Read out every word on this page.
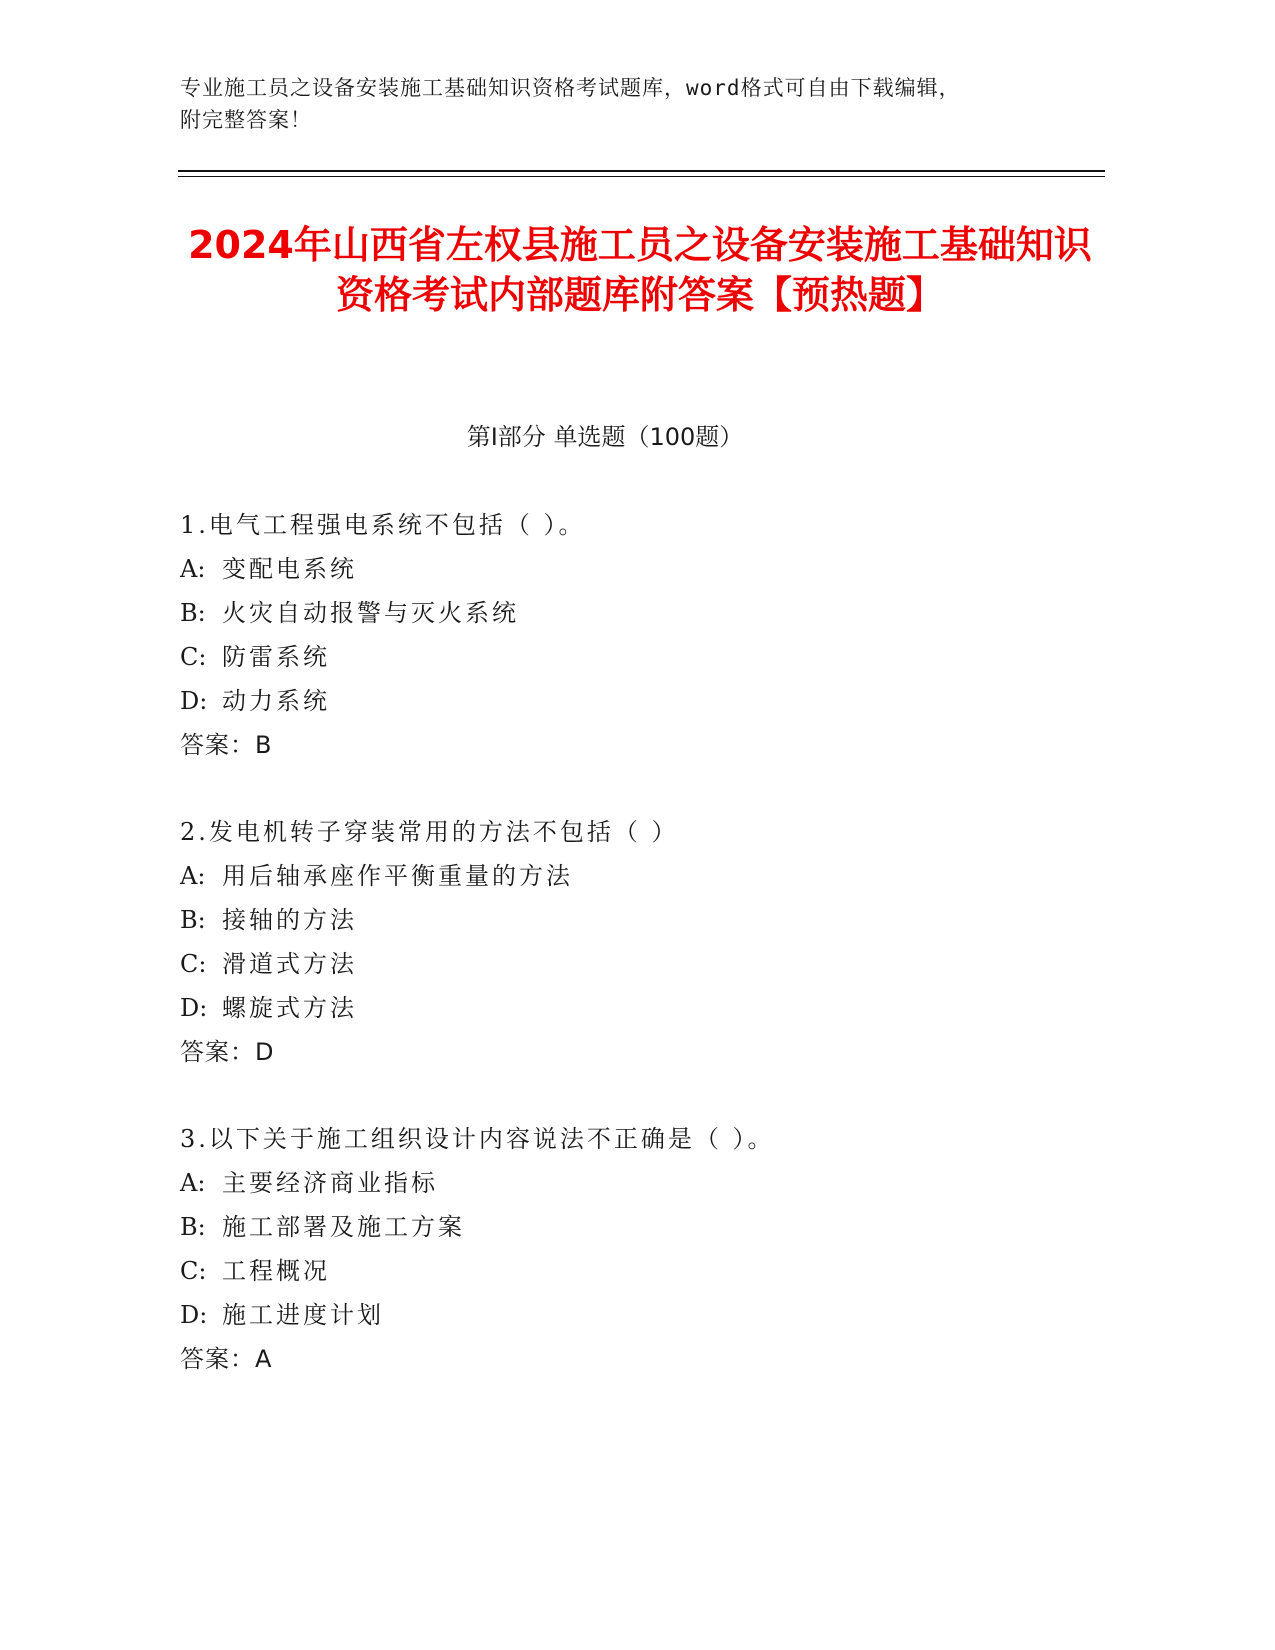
专业施工员之设备安装施工基础知识资格考试题库，word格式可自由下载编辑，
附完整答案！
2024年山西省左权县施工员之设备安装施工基础知识资格考试内部题库附答案【预热题】
第Ⅰ部分 单选题（100题）
1.电气工程强电系统不包括（ ）。
A: 变配电系统
B: 火灾自动报警与灭火系统
C: 防雷系统
D: 动力系统
答案：B
2.发电机转子穿装常用的方法不包括（ ）
A: 用后轴承座作平衡重量的方法
B: 接轴的方法
C: 滑道式方法
D: 螺旋式方法
答案：D
3.以下关于施工组织设计内容说法不正确是（ ）。
A: 主要经济商业指标
B: 施工部署及施工方案
C: 工程概况
D: 施工进度计划
答案：A
